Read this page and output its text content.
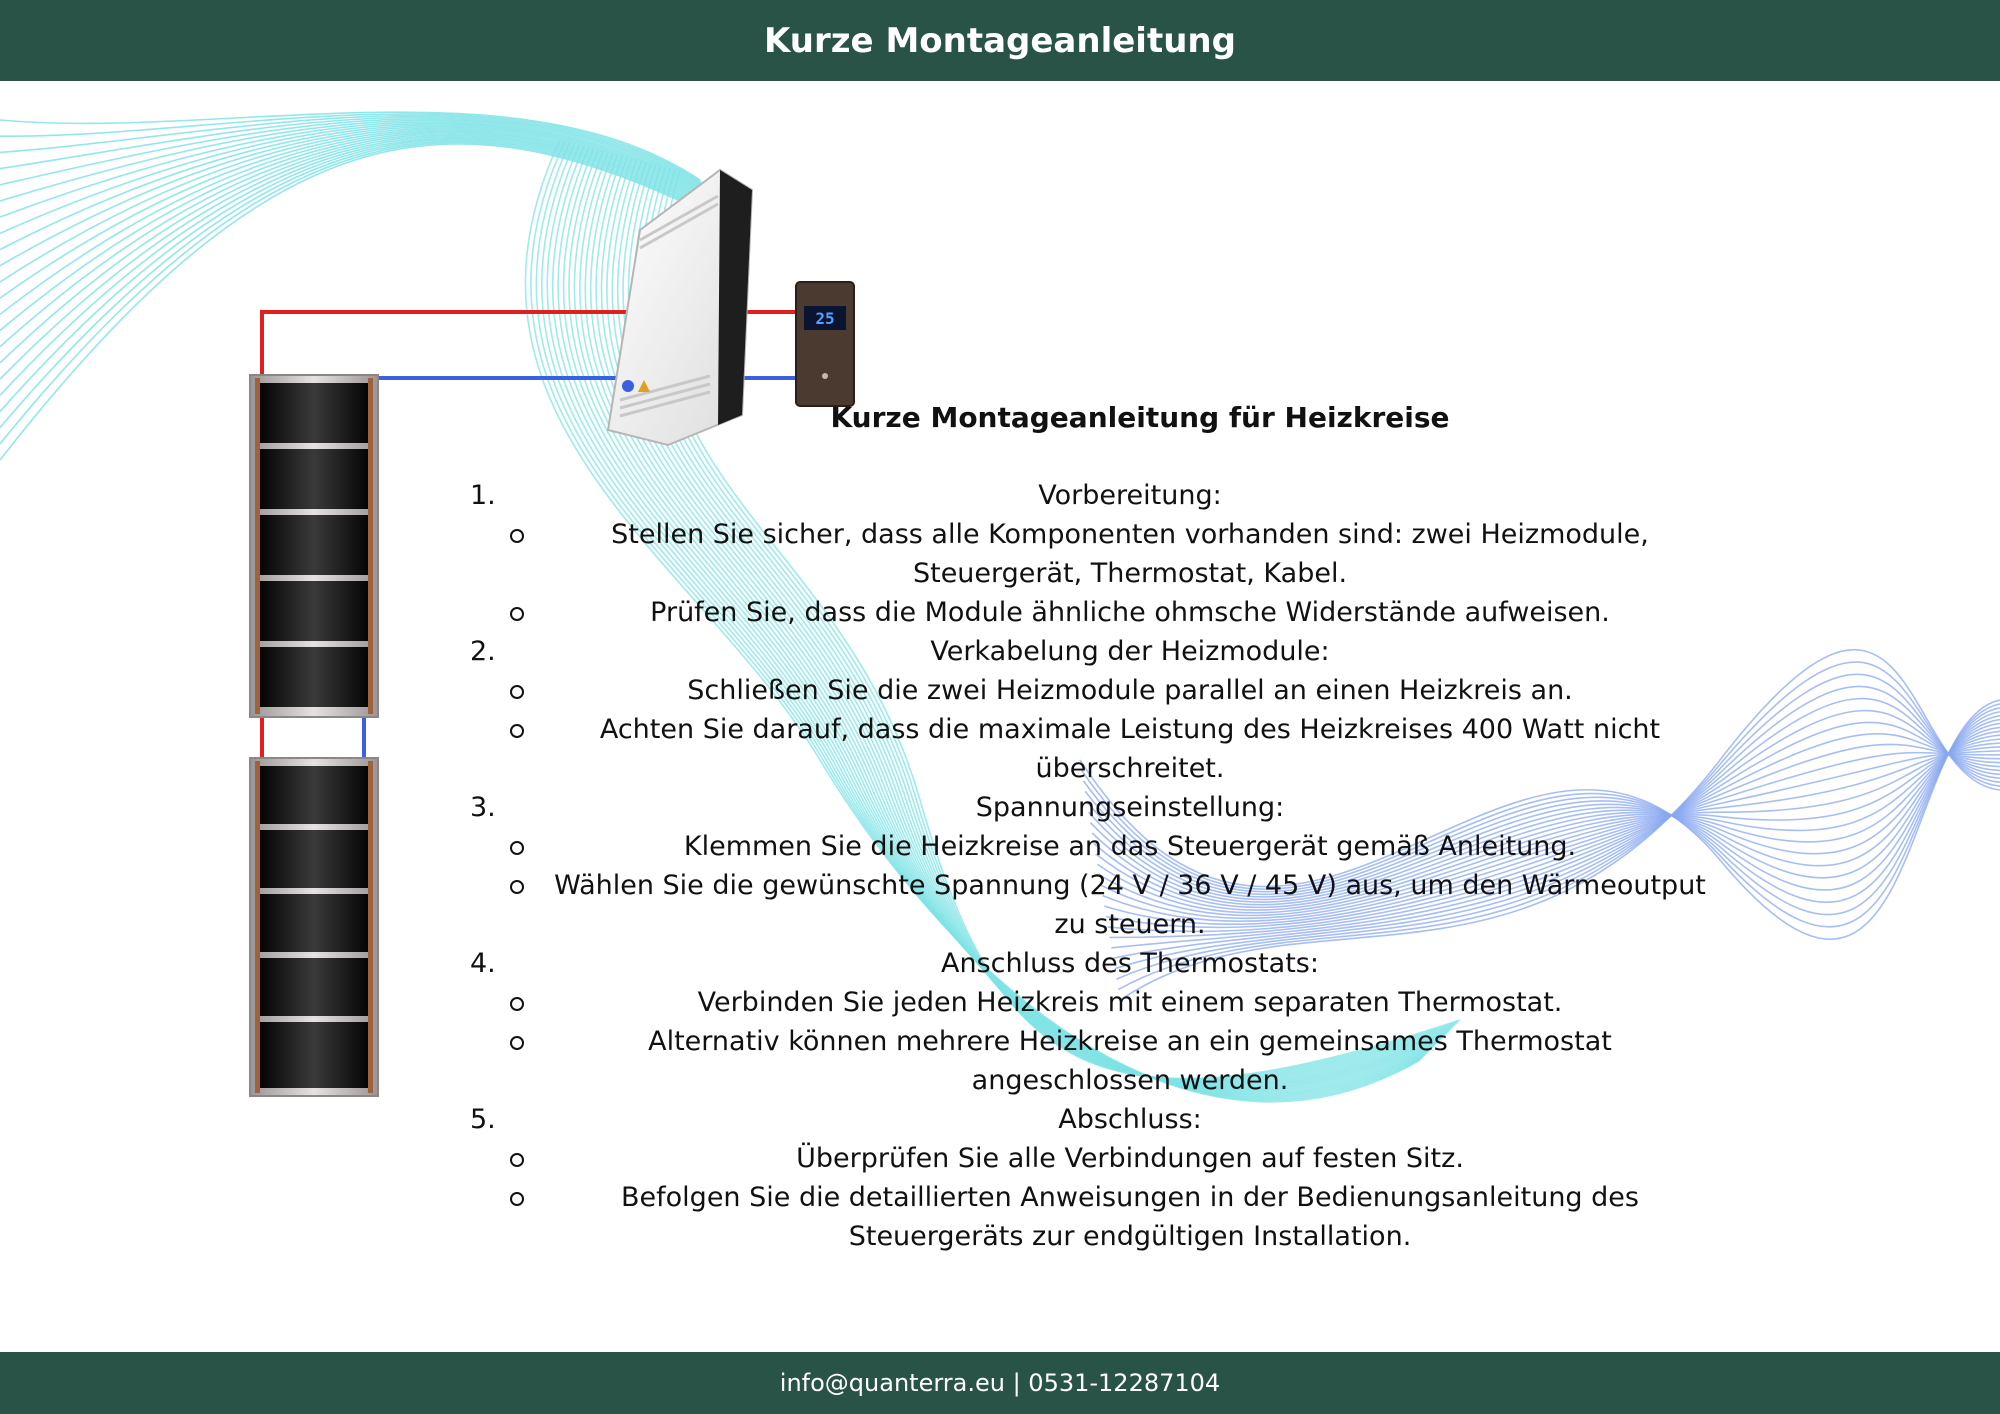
Kurze Montageanleitung
25
Kurze Montageanleitung für Heizkreise
1.	Vorbereitung:
Stellen Sie sicher, dass alle Komponenten vorhanden sind: zwei Heizmodule, Steuergerät, Thermostat, Kabel.
Prüfen Sie, dass die Module ähnliche ohmsche Widerstände aufweisen.
2.	Verkabelung der Heizmodule:
Schließen Sie die zwei Heizmodule parallel an einen Heizkreis an.
Achten Sie darauf, dass die maximale Leistung des Heizkreises 400 Watt nicht überschreitet.
3.	Spannungseinstellung:
Klemmen Sie die Heizkreise an das Steuergerät gemäß Anleitung.
Wählen Sie die gewünschte Spannung (24 V / 36 V / 45 V) aus, um den Wärmeoutput zu steuern.
4.	Anschluss des Thermostats:
Verbinden Sie jeden Heizkreis mit einem separaten Thermostat.
Alternativ können mehrere Heizkreise an ein gemeinsames Thermostat angeschlossen werden.
5.	Abschluss:
Überprüfen Sie alle Verbindungen auf festen Sitz.
Befolgen Sie die detaillierten Anweisungen in der Bedienungsanleitung des Steuergeräts zur endgültigen Installation.
info@quanterra.eu | 0531-12287104
